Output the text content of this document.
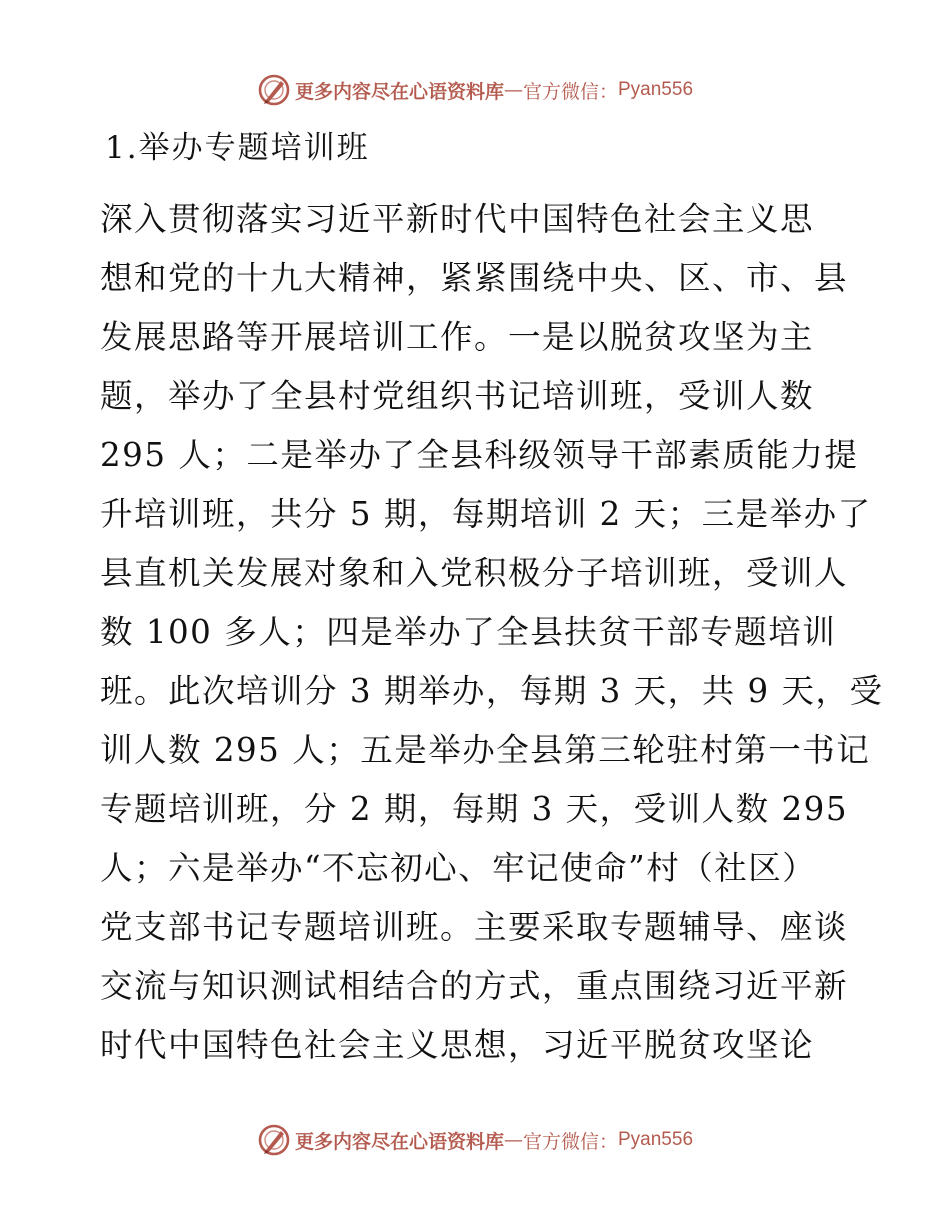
更多内容尽在心语资料库 — 官方微信： Pyan556
1.举办专题培训班
深入贯彻落实习近平新时代中国特色社会主义思
想和党的十九大精神，紧紧围绕中央、区、市、县
发展思路等开展培训工作。一是以脱贫攻坚为主
题，举办了全县村党组织书记培训班，受训人数
295 人；二是举办了全县科级领导干部素质能力提
升培训班，共分 5 期，每期培训 2 天；三是举办了
县直机关发展对象和入党积极分子培训班，受训人
数 100 多人；四是举办了全县扶贫干部专题培训
班。此次培训分 3 期举办，每期 3 天，共 9 天，受
训人数 295 人；五是举办全县第三轮驻村第一书记
专题培训班，分 2 期，每期 3 天，受训人数 295
人；六是举办“不忘初心、牢记使命”村（社区）
党支部书记专题培训班。主要采取专题辅导、座谈
交流与知识测试相结合的方式，重点围绕习近平新
时代中国特色社会主义思想，习近平脱贫攻坚论
更多内容尽在心语资料库 — 官方微信： Pyan556
